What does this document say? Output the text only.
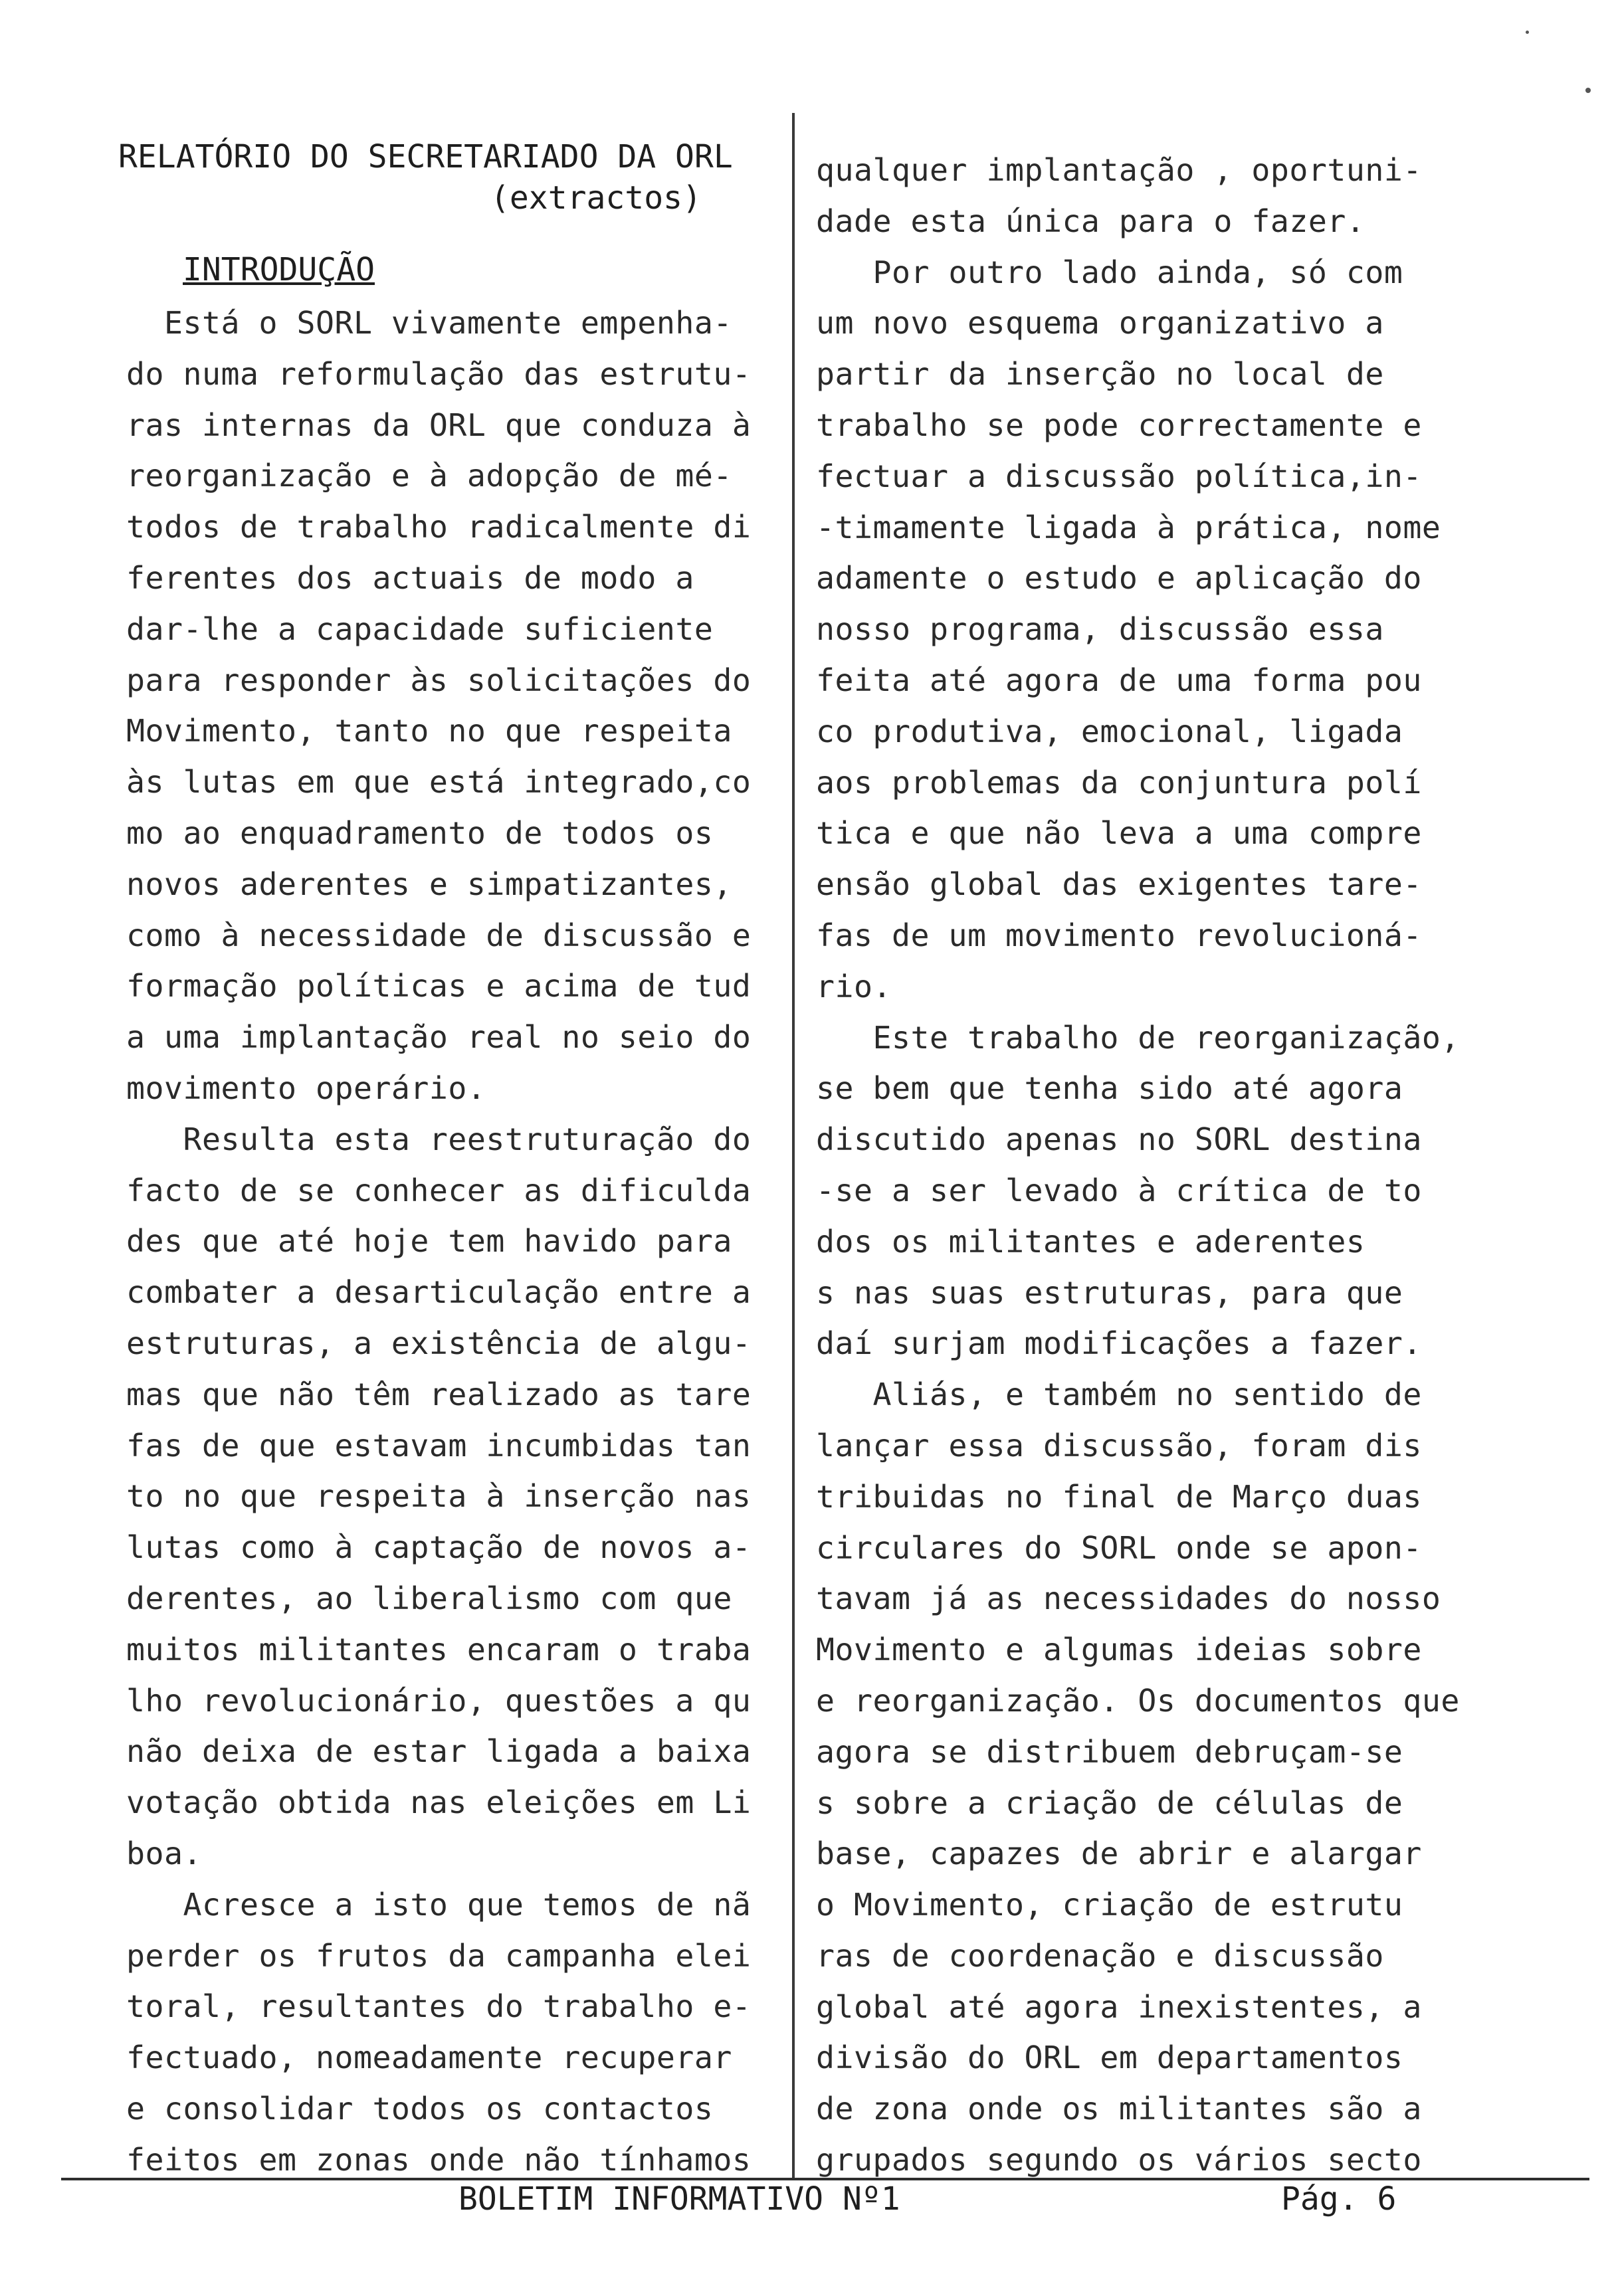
RELATÓRIO DO SECRETARIADO DA ORL

(extractos)
INTRODUÇÃO
Está o SORL vivamente empenha-
do numa reformulação das estrutu-
ras internas da ORL que conduza à
reorganização e à adopção de mé-
todos de trabalho radicalmente di
ferentes dos actuais de modo a
dar-lhe a capacidade suficiente
para responder às solicitações do
Movimento, tanto no que respeita
às lutas em que está integrado,co
mo ao enquadramento de todos os
novos aderentes e simpatizantes,
como à necessidade de discussão e
formação políticas e acima de tud
a uma implantação real no seio do
movimento operário.
Resulta esta reestruturação do
facto de se conhecer as dificulda
des que até hoje tem havido para
combater a desarticulação entre a
estruturas, a existência de algu-
mas que não têm realizado as tare
fas de que estavam incumbidas tan
to no que respeita à inserção nas
lutas como à captação de novos a-
derentes, ao liberalismo com que
muitos militantes encaram o traba
lho revolucionário, questões a qu
não deixa de estar ligada a baixa
votação obtida nas eleições em Li
boa.
Acresce a isto que temos de nã
perder os frutos da campanha elei
toral, resultantes do trabalho e-
fectuado, nomeadamente recuperar
e consolidar todos os contactos
feitos em zonas onde não tínhamos
qualquer implantação , oportuni-
dade esta única para o fazer.
Por outro lado ainda, só com
um novo esquema organizativo a
partir da inserção no local de
trabalho se pode correctamente e
fectuar a discussão política,in-
-timamente ligada à prática, nome
adamente o estudo e aplicação do
nosso programa, discussão essa
feita até agora de uma forma pou
co produtiva, emocional, ligada
aos problemas da conjuntura polí
tica e que não leva a uma compre
ensão global das exigentes tare-
fas de um movimento revolucioná-
rio.
Este trabalho de reorganização,
se bem que tenha sido até agora
discutido apenas no SORL destina
-se a ser levado à crítica de to
dos os militantes e aderentes
s nas suas estruturas, para que
daí surjam modificações a fazer.
Aliás, e também no sentido de
lançar essa discussão, foram dis
tribuidas no final de Março duas
circulares do SORL onde se apon-
tavam já as necessidades do nosso
Movimento e algumas ideias sobre
e reorganização. Os documentos que
agora se distribuem debruçam-se
s sobre a criação de células de
base, capazes de abrir e alargar
o Movimento, criação de estrutu
ras de coordenação e discussão
global até agora inexistentes, a
divisão do ORL em departamentos
de zona onde os militantes são a
grupados segundo os vários secto
BOLETIM INFORMATIVO Nº1	Pág. 6
